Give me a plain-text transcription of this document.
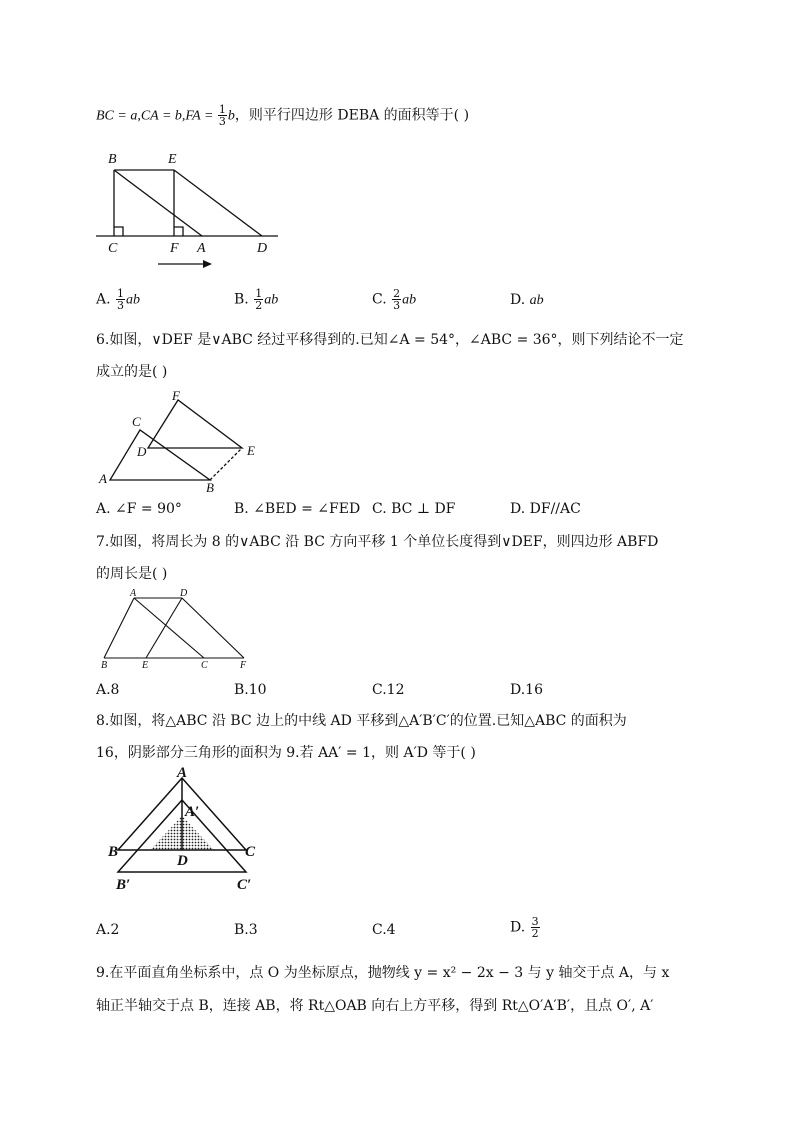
BC = $a,CA = b,FA = \frac{1}{3}$ b，则平行四边形 DEBA 的面积等于( )
B	E
C	F A	D
A. $\frac{1}{3}$ ab	B. $\frac{1}{2}$ ab	C. $\frac{2}{3}$ ab	D. ab
6.如图，∨DEF 是∨ABC 经过平移得到的.已知∠A = 54°，∠ABC = 36°，则下列结论不一定
成立的是( )
C
F
D	E
A
B
A. ∠F = 90°	B. ∠BED = ∠FED C. BC ⊥ DF	D. DF//AC
7.如图，将周长为 8 的∨ABC 沿 BC 方向平移 1 个单位长度得到∨DEF，则四边形 ABFD
的周长是( )
A	D
B	E	C	F
A.8	B.10	C.12	D.16
8.如图，将△ABC 沿 BC 边上的中线 AD 平移到△A′B′C′的位置.已知△ABC 的面积为
16，阴影部分三角形的面积为 9.若 AA′ = 1，则 A′D 等于( )
A
A′
B	C
D
B′	C′
A.2	B.3	C.4	D. $\frac{3}{2}$
9.在平面直角坐标系中，点 O 为坐标原点，抛物线 y = x² − 2x − 3 与 y 轴交于点 A，与 x
轴正半轴交于点 B，连接 AB，将 Rt△OAB 向右上方平移，得到 Rt△O′A′B′，且点 O′, A′
